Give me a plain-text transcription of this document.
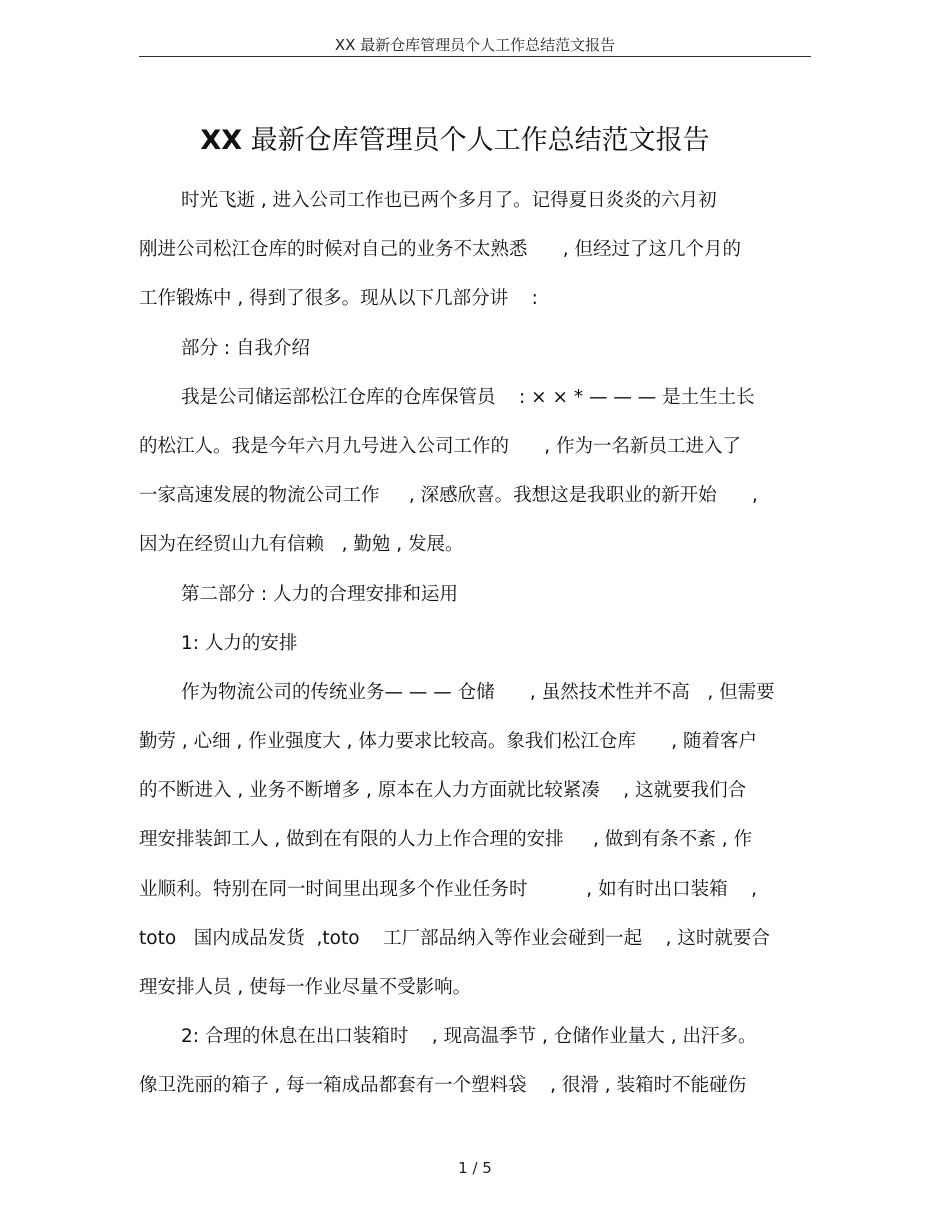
XX 最新仓库管理员个人工作总结范文报告
XX 最新仓库管理员个人工作总结范文报告
时光飞逝 , 进入公司工作也已两个多月了。记得夏日炎炎的六月初
刚进公司松江仓库的时候对自己的业务不太熟悉      , 但经过了这几个月的
工作锻炼中 , 得到了很多。现从以下几部分讲    :
部分 : 自我介绍
我是公司储运部松江仓库的仓库保管员    : × × * — — — 是土生土长
的松江人。我是今年六月九号进入公司工作的      , 作为一名新员工进入了
一家高速发展的物流公司工作     , 深感欣喜。我想这是我职业的新开始      ,
因为在经贸山九有信赖   , 勤勉 , 发展。
第二部分 : 人力的合理安排和运用
1: 人力的安排
作为物流公司的传统业务— — — 仓储      , 虽然技术性并不高   , 但需要
勤劳 , 心细 , 作业强度大 , 体力要求比较高。象我们松江仓库      , 随着客户
的不断进入 , 业务不断增多 , 原本在人力方面就比较紧凑    , 这就要我们合
理安排装卸工人 , 做到在有限的人力上作合理的安排     , 做到有条不紊 , 作
业顺利。特别在同一时间里出现多个作业任务时          , 如有时出口装箱    ,
toto   国内成品发货  ,toto    工厂部品纳入等作业会碰到一起    , 这时就要合
理安排人员 , 使每一作业尽量不受影响。
2: 合理的休息在出口装箱时    , 现高温季节 , 仓储作业量大 , 出汗多。
像卫洗丽的箱子 , 每一箱成品都套有一个塑料袋    , 很滑 , 装箱时不能碰伤
1 / 5
